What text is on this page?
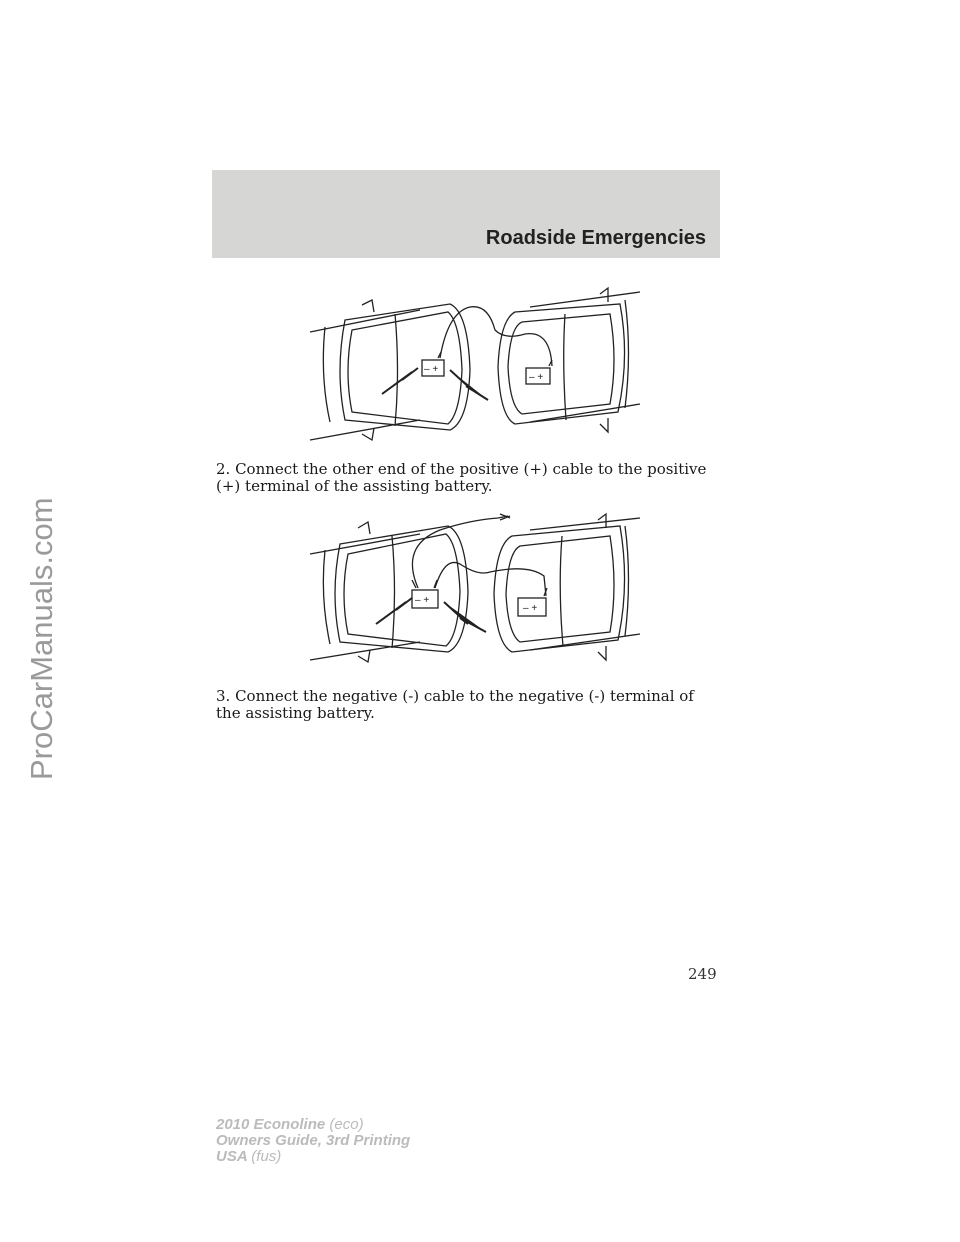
ProCarManuals.com
Roadside Emergencies
– +
– +
2. Connect the other end of the positive (+) cable to the positive (+) terminal of the assisting battery.
– +
– +
3. Connect the negative (-) cable to the negative (-) terminal of the assisting battery.
249
2010 Econoline (eco)
Owners Guide, 3rd Printing
USA (fus)
